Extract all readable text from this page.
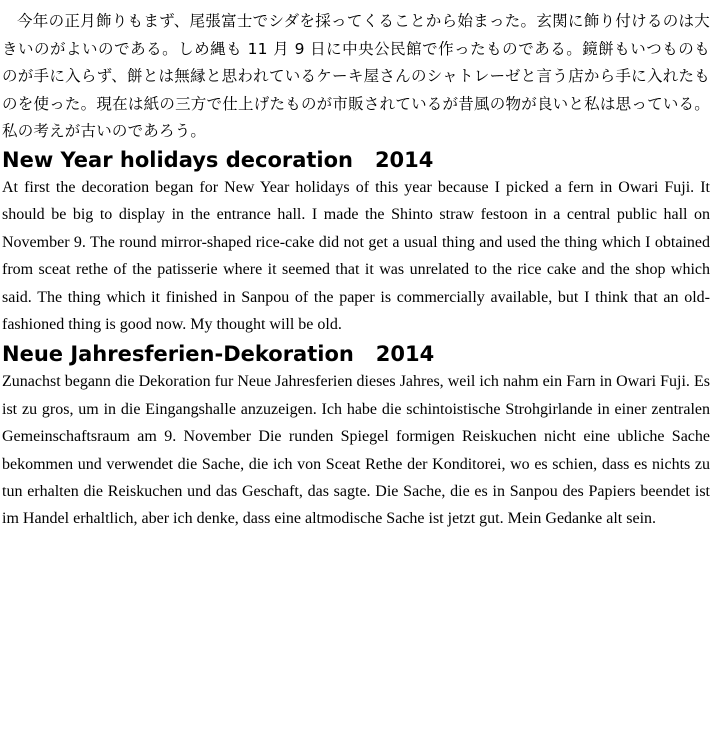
今年の正月飾りもまず、尾張富士でシダを採ってくることから始まった。玄関に飾り付けるのは大きいのがよいのである。しめ縄も 11 月 9 日に中央公民館で作ったものである。鏡餅もいつものものが手に入らず、餅とは無縁と思われているケーキ屋さんのシャトレーゼと言う店から手に入れたものを使った。現在は紙の三方で仕上げたものが市販されているが昔風の物が良いと私は思っている。私の考えが古いのであろう。

New Year holidays decoration   2014

At first the decoration began for New Year holidays of this year because I picked a fern in Owari Fuji. It should be big to display in the entrance hall. I made the Shinto straw festoon in a central public hall on November 9. The round mirror-shaped rice-cake did not get a usual thing and used the thing which I obtained from sceat rethe of the patisserie where it seemed that it was unrelated to the rice cake and the shop which said. The thing which it finished in Sanpou of the paper is commercially available, but I think that an old-fashioned thing is good now. My thought will be old.

Neue Jahresferien-Dekoration   2014

Zunachst begann die Dekoration fur Neue Jahresferien dieses Jahres, weil ich nahm ein Farn in Owari Fuji. Es ist zu gros, um in die Eingangshalle anzuzeigen. Ich habe die schintoistische Strohgirlande in einer zentralen Gemeinschaftsraum am 9. November Die runden Spiegel formigen Reiskuchen nicht eine ubliche Sache bekommen und verwendet die Sache, die ich von Sceat Rethe der Konditorei, wo es schien, dass es nichts zu tun erhalten die Reiskuchen und das Geschaft, das sagte. Die Sache, die es in Sanpou des Papiers beendet ist im Handel erhaltlich, aber ich denke, dass eine altmodische Sache ist jetzt gut. Mein Gedanke alt sein.
